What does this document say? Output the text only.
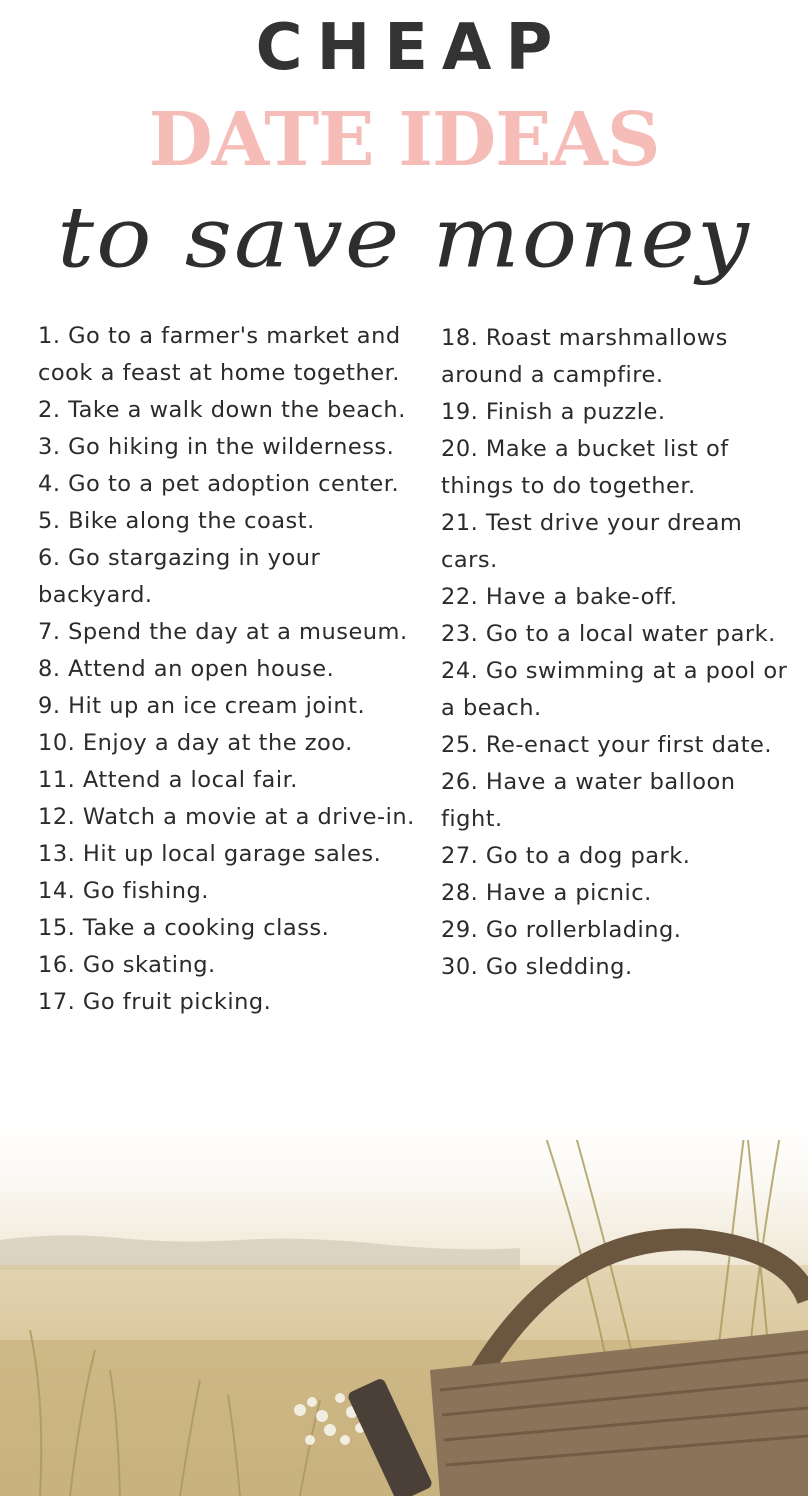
CHEAP
DATE IDEAS
to save money
1. Go to a farmer's market and cook a feast at home together.
2. Take a walk down the beach.
3. Go hiking in the wilderness.
4. Go to a pet adoption center.
5. Bike along the coast.
6. Go stargazing in your backyard.
7. Spend the day at a museum.
8. Attend an open house.
9. Hit up an ice cream joint.
10. Enjoy a day at the zoo.
11. Attend a local fair.
12. Watch a movie at a drive-in.
13. Hit up local garage sales.
14. Go fishing.
15. Take a cooking class.
16. Go skating.
17. Go fruit picking.
18. Roast marshmallows around a campfire.
19. Finish a puzzle.
20. Make a bucket list of things to do together.
21. Test drive your dream cars.
22. Have a bake-off.
23. Go to a local water park.
24. Go swimming at a pool or a beach.
25. Re-enact your first date.
26. Have a water balloon fight.
27. Go to a dog park.
28. Have a picnic.
29. Go rollerblading.
30. Go sledding.
